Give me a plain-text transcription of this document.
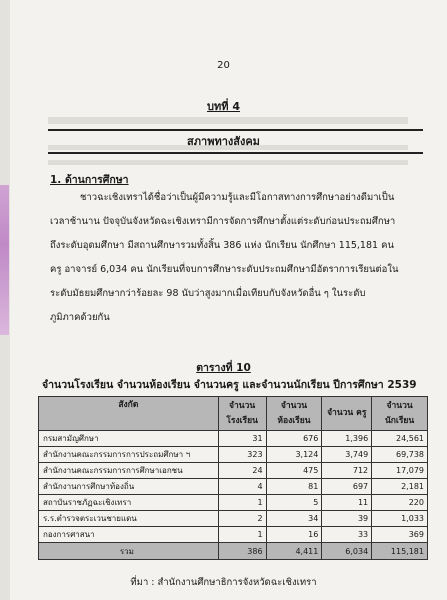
20
บทที่ 4
สภาพทางสังคม
1. ด้านการศึกษา
ชาวฉะเชิงเทราได้ชื่อว่าเป็นผู้มีความรู้และมีโอกาสทางการศึกษาอย่างดีมาเป็น
เวลาช้านาน ปัจจุบันจังหวัดฉะเชิงเทรามีการจัดการศึกษาตั้งแต่ระดับก่อนประถมศึกษา
ถึงระดับอุดมศึกษา มีสถานศึกษารวมทั้งสิ้น 386 แห่ง นักเรียน นักศึกษา 115,181 คน
ครู อาจารย์ 6,034 คน นักเรียนที่จบการศึกษาระดับประถมศึกษามีอัตราการเรียนต่อใน
ระดับมัธยมศึกษากว่าร้อยละ 98 นับว่าสูงมากเมื่อเทียบกับจังหวัดอื่น ๆ ในระดับ
ภูมิภาคด้วยกัน
ตารางที่ 10
จำนวนโรงเรียน จำนวนห้องเรียน จำนวนครู และจำนวนนักเรียน ปีการศึกษา 2539
สังกัด	จำนวน โรงเรียน	จำนวน ห้องเรียน	จำนวน ครู	จำนวน นักเรียน
กรมสามัญศึกษา	31	676	1,396	24,561
สำนักงานคณะกรรมการการประถมศึกษา ฯ	323	3,124	3,749	69,738
สำนักงานคณะกรรมการการศึกษาเอกชน	24	475	712	17,079
สำนักงานการศึกษาท้องถิ่น	4	81	697	2,181
สถาบันราชภัฏฉะเชิงเทรา	1	5	11	220
ร.ร.ตำรวจตระเวนชายแดน	2	34	39	1,033
กองการศาสนา	1	16	33	369
รวม	386	4,411	6,034	115,181
ที่มา : สำนักงานศึกษาธิการจังหวัดฉะเชิงเทรา
